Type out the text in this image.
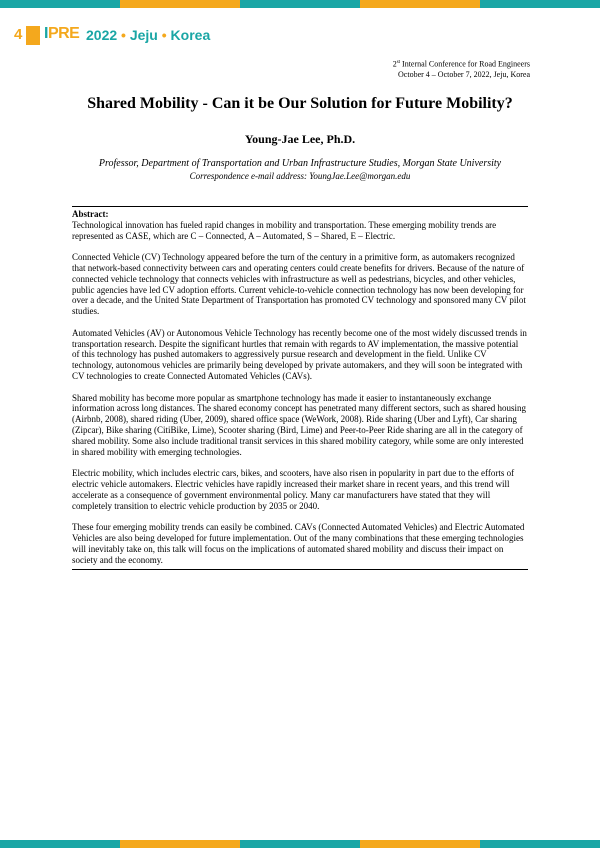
4 IPRE 2022 • Jeju • Korea
2st Internal Conference for Road Engineers
October 4 – October 7, 2022, Jeju, Korea
Shared Mobility - Can it be Our Solution for Future Mobility?
Young-Jae Lee, Ph.D.
Professor, Department of Transportation and Urban Infrastructure Studies, Morgan State University
Correspondence e-mail address: YoungJae.Lee@morgan.edu
Abstract:

Technological innovation has fueled rapid changes in mobility and transportation. These emerging mobility trends are represented as CASE, which are C – Connected, A – Automated, S – Shared, E – Electric.

Connected Vehicle (CV) Technology appeared before the turn of the century in a primitive form, as automakers recognized that network-based connectivity between cars and operating centers could create benefits for drivers. Because of the nature of connected vehicle technology that connects vehicles with infrastructure as well as pedestrians, bicycles, and other vehicles, public agencies have led CV adoption efforts. Current vehicle-to-vehicle connection technology has now been developing for over a decade, and the United State Department of Transportation has promoted CV technology and sponsored many CV pilot studies.

Automated Vehicles (AV) or Autonomous Vehicle Technology has recently become one of the most widely discussed trends in transportation research. Despite the significant hurtles that remain with regards to AV implementation, the massive potential of this technology has pushed automakers to aggressively pursue research and development in the field. Unlike CV technology, autonomous vehicles are primarily being developed by private automakers, and they will soon be integrated with CV technologies to create Connected Automated Vehicles (CAVs).

Shared mobility has become more popular as smartphone technology has made it easier to instantaneously exchange information across long distances. The shared economy concept has penetrated many different sectors, such as shared housing (Airbnb, 2008), shared riding (Uber, 2009), shared office space (WeWork, 2008). Ride sharing (Uber and Lyft), Car sharing (Zipcar), Bike sharing (CitiBike, Lime), Scooter sharing (Bird, Lime) and Peer-to-Peer Ride sharing are all in the category of shared mobility. Some also include traditional transit services in this shared mobility category, while some are only interested in shared mobility with emerging technologies.

Electric mobility, which includes electric cars, bikes, and scooters, have also risen in popularity in part due to the efforts of electric vehicle automakers. Electric vehicles have rapidly increased their market share in recent years, and this trend will accelerate as a consequence of government environmental policy. Many car manufacturers have stated that they will completely transition to electric vehicle production by 2035 or 2040.

These four emerging mobility trends can easily be combined. CAVs (Connected Automated Vehicles) and Electric Automated Vehicles are also being developed for future implementation. Out of the many combinations that these emerging technologies will inevitably take on, this talk will focus on the implications of automated shared mobility and discuss their impact on society and the economy.
